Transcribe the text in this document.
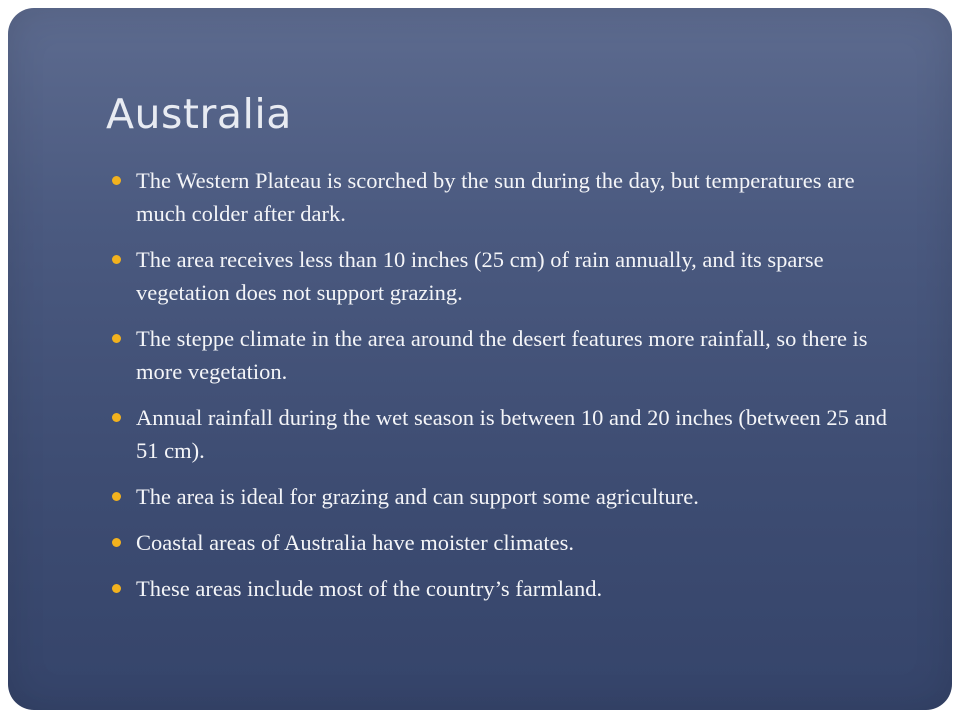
Australia
The Western Plateau is scorched by the sun during the day, but temperatures are much colder after dark.
The area receives less than 10 inches (25 cm) of rain annually, and its sparse vegetation does not support grazing.
The steppe climate in the area around the desert features more rainfall, so there is more vegetation.
Annual rainfall during the wet season is between 10 and 20 inches (between 25 and 51 cm).
The area is ideal for grazing and can support some agriculture.
Coastal areas of Australia have moister climates.
These areas include most of the country’s farmland.
